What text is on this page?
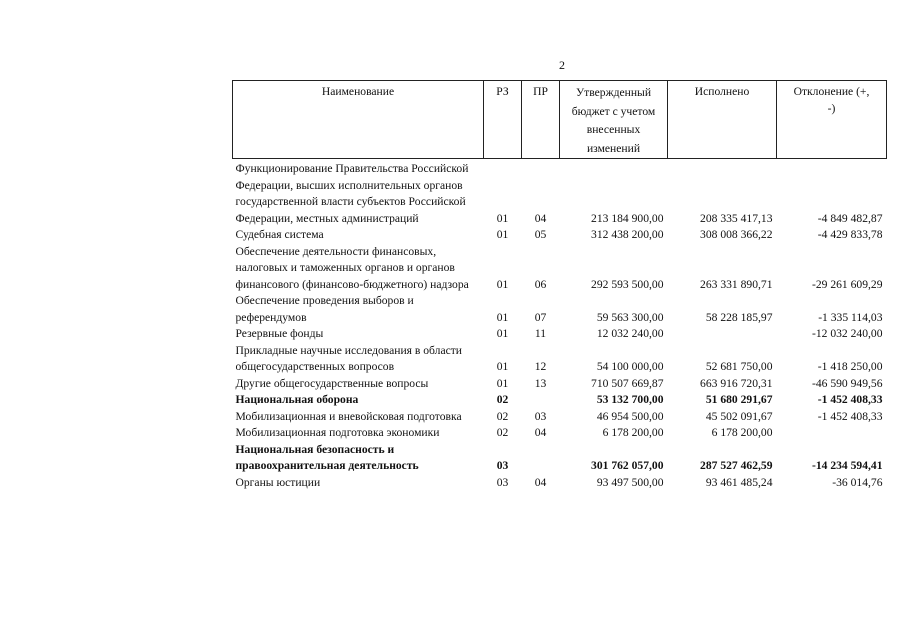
2
Наименование	РЗ	ПР	Утвержденный бюджет с учетом внесенных изменений	Исполнено	Отклонение (+, -)
Функционирование Правительства Российской Федерации, высших исполнительных органов государственной власти субъектов Российской Федерации, местных администраций	01	04	213 184 900,00	208 335 417,13	-4 849 482,87
Судебная система	01	05	312 438 200,00	308 008 366,22	-4 429 833,78
Обеспечение деятельности финансовых, налоговых и таможенных органов и органов финансового (финансово-бюджетного) надзора	01	06	292 593 500,00	263 331 890,71	-29 261 609,29
Обеспечение проведения выборов и референдумов	01	07	59 563 300,00	58 228 185,97	-1 335 114,03
Резервные фонды	01	11	12 032 240,00		-12 032 240,00
Прикладные научные исследования в области общегосударственных вопросов	01	12	54 100 000,00	52 681 750,00	-1 418 250,00
Другие общегосударственные вопросы	01	13	710 507 669,87	663 916 720,31	-46 590 949,56
Национальная оборона	02		53 132 700,00	51 680 291,67	-1 452 408,33
Мобилизационная и вневойсковая подготовка	02	03	46 954 500,00	45 502 091,67	-1 452 408,33
Мобилизационная подготовка экономики	02	04	6 178 200,00	6 178 200,00	
Национальная безопасность и правоохранительная деятельность	03		301 762 057,00	287 527 462,59	-14 234 594,41
Органы юстиции	03	04	93 497 500,00	93 461 485,24	-36 014,76
